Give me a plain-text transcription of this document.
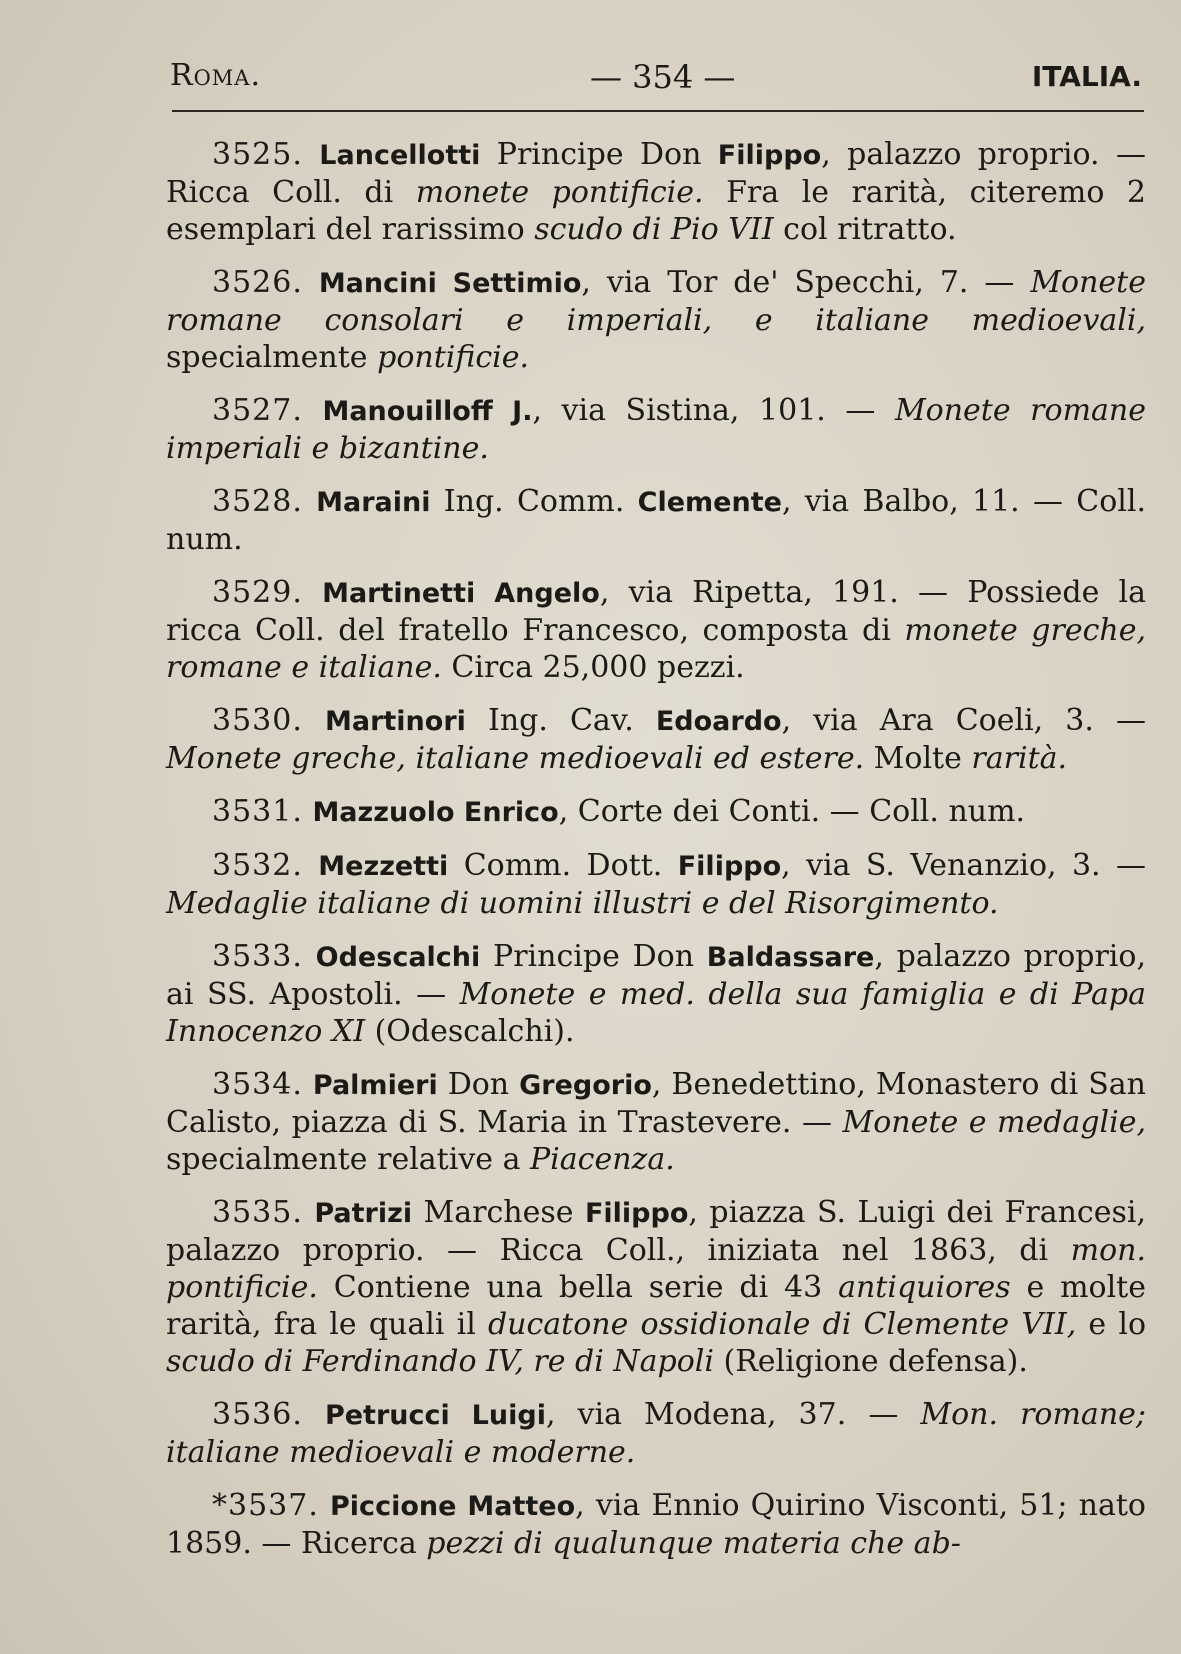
Roma.	— 354 —	ITALIA.

3525. Lancellotti Principe Don Filippo, palazzo proprio. — Ricca Coll. di monete pontificie. Fra le rarità, citeremo 2 esemplari del rarissimo scudo di Pio VII col ritratto.

3526. Mancini Settimio, via Tor de' Specchi, 7. — Monete romane consolari e imperiali, e italiane medioevali, specialmente pontificie.

3527. Manouilloff J., via Sistina, 101. — Monete romane imperiali e bizantine.

3528. Maraini Ing. Comm. Clemente, via Balbo, 11. — Coll. num.

3529. Martinetti Angelo, via Ripetta, 191. — Possiede la ricca Coll. del fratello Francesco, composta di monete greche, romane e italiane. Circa 25,000 pezzi.

3530. Martinori Ing. Cav. Edoardo, via Ara Coeli, 3. — Monete greche, italiane medioevali ed estere. Molte rarità.

3531. Mazzuolo Enrico, Corte dei Conti. — Coll. num.

3532. Mezzetti Comm. Dott. Filippo, via S. Venanzio, 3. — Medaglie italiane di uomini illustri e del Risorgimento.

3533. Odescalchi Principe Don Baldassare, palazzo proprio, ai SS. Apostoli. — Monete e med. della sua famiglia e di Papa Innocenzo XI (Odescalchi).

3534. Palmieri Don Gregorio, Benedettino, Monastero di San Calisto, piazza di S. Maria in Trastevere. — Monete e medaglie, specialmente relative a Piacenza.

3535. Patrizi Marchese Filippo, piazza S. Luigi dei Francesi, palazzo proprio. — Ricca Coll., iniziata nel 1863, di mon. pontificie. Contiene una bella serie di 43 antiquiores e molte rarità, fra le quali il ducatone ossidionale di Clemente VII, e lo scudo di Ferdinando IV, re di Napoli (Religione defensa).

3536. Petrucci Luigi, via Modena, 37. — Mon. romane; italiane medioevali e moderne.

*3537. Piccione Matteo, via Ennio Quirino Visconti, 51; nato 1859. — Ricerca pezzi di qualunque materia che ab-
